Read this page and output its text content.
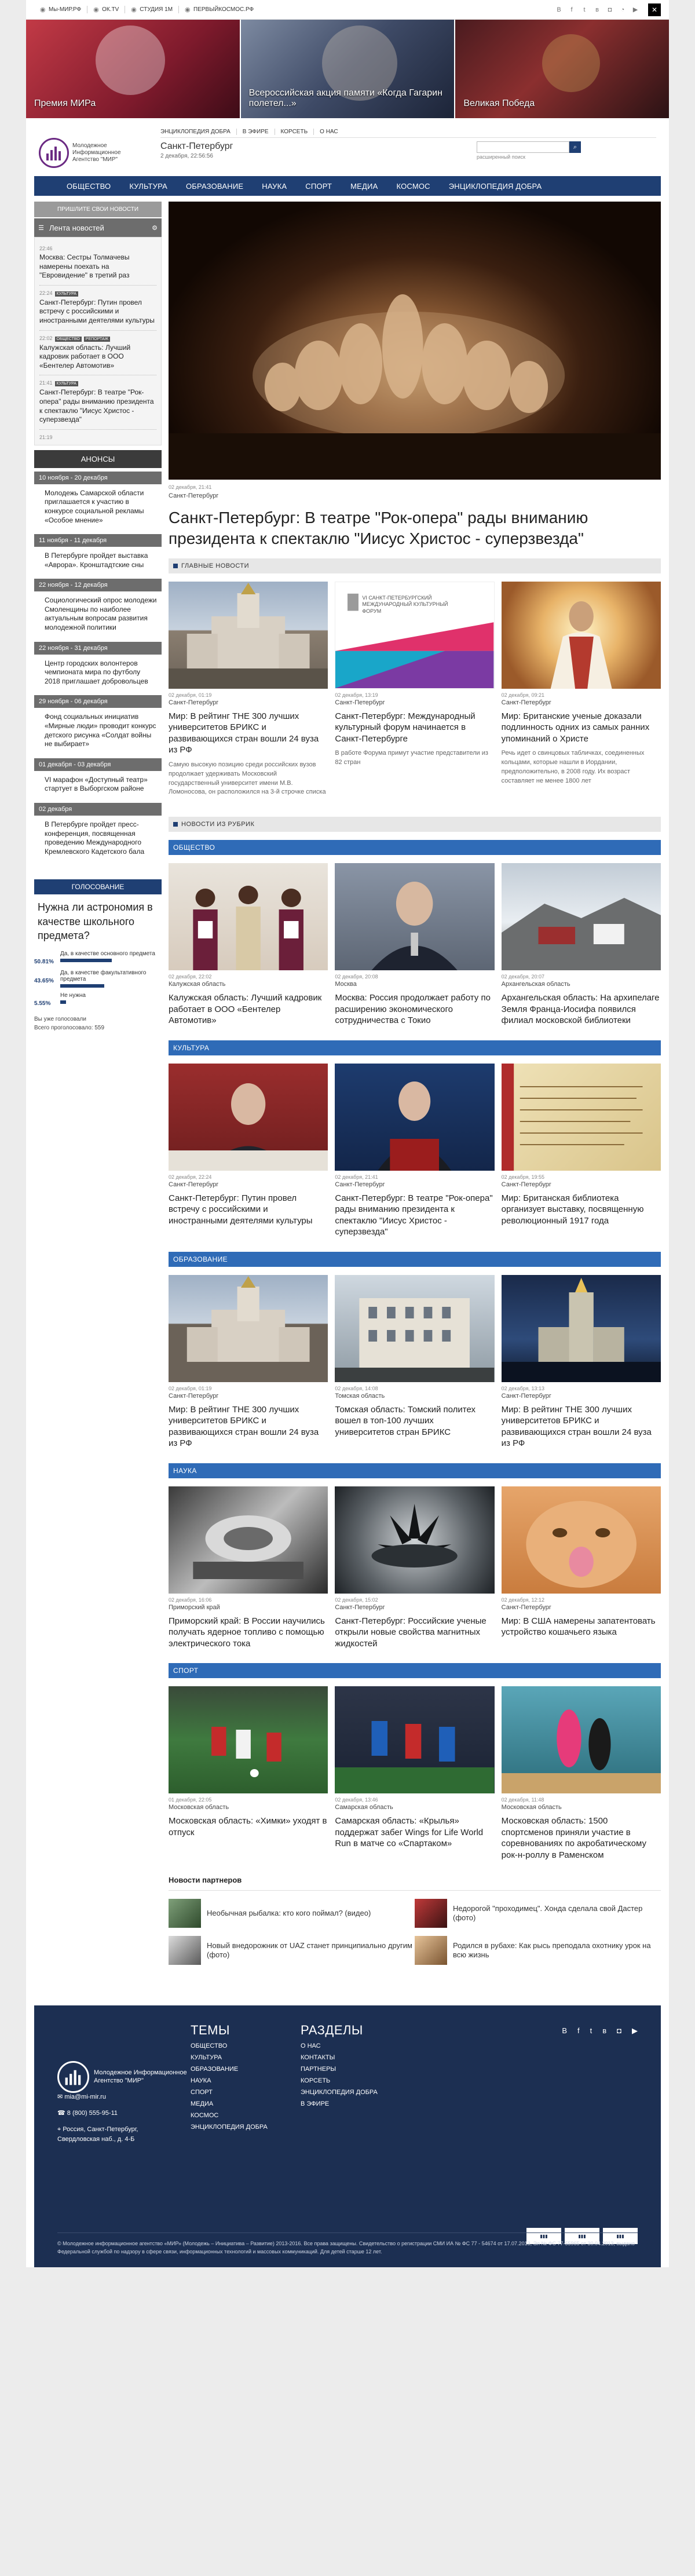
◉ Мы-МИР.РФ ◉ ОК.TV ◉ СТУДИЯ 1М ◉ ПЕРВЫЙКОСМОС.РФ	B	f	t	в ◘ ◔ ▶	✕
Премия МИРа
Всероссийская акция памяти «Когда Гагарин полетел...»	Великая Победа
Молодежное Информационное Агентство "МИР"
ЭНЦИКЛОПЕДИЯ ДОБРА	В ЭФИРЕ	КОРСЕТЬ	О НАС
Санкт-Петербург
2 декабря, 22:56:56
⌕
расширенный поиск
ОБЩЕСТВО	КУЛЬТУРА	ОБРАЗОВАНИЕ	НАУКА	СПОРТ	МЕДИА	КОСМОС	ЭНЦИКЛОПЕДИЯ ДОБРА
ПРИШЛИТЕ СВОИ НОВОСТИ
☰ Лента новостей	⚙
22:46
Москва: Сестры Толмачевы намерены поехать на "Евровидение" в третий раз
22:24 КУЛЬТУРА
Санкт-Петербург: Путин провел встречу с российскими и иностранными деятелями культуры
22:02 ОБЩЕСТВО РЕПОРТАЖ
Калужская область: Лучший кадровик работает в ООО «Бентелер Автомотив»
21:41 КУЛЬТУРА
Санкт-Петербург: В театре "Рок-опера" рады вниманию президента к спектаклю "Иисус Христос - суперзвезда"
21:19
АНОНСЫ
10 ноября - 20 декабря
Молодежь Самарской области приглашается к участию в конкурсе социальной рекламы «Особое мнение»
11 ноября - 11 декабря
В Петербурге пройдет выставка «Аврора». Кронштадтские сны
22 ноября - 12 декабря
Социологический опрос молодежи Смоленщины по наиболее актуальным вопросам развития молодежной политики
22 ноября - 31 декабря
Центр городских волонтеров чемпионата мира по футболу 2018 приглашает добровольцев
29 ноября - 06 декабря
Фонд социальных инициатив «Мирные люди» проводит конкурс детского рисунка «Солдат войны не выбирает»
01 декабря - 03 декабря
VI марафон «Доступный театр» стартует в Выборгском районе
02 декабря
В Петербурге пройдет пресс-конференция, посвященная проведению Международного Кремлевского Кадетского бала
ГОЛОСОВАНИЕ
Нужна ли астрономия в качестве школьного предмета?
50.81%
Да, в качестве основного предмета
43.65%
Да, в качестве факультативного предмета
5.55%
Не нужна
Вы уже голосовали
Всего проголосовало: 559
02 декабря, 21:41
Санкт-Петербург
Санкт-Петербург: В театре "Рок-опера" рады вниманию президента к спектаклю "Иисус Христос - суперзвезда"
ГЛАВНЫЕ НОВОСТИ
02 декабря, 01:19
Санкт-Петербург
Мир: В рейтинг THE 300 лучших университетов БРИКС и развивающихся стран вошли 24 вуза из РФ
Самую высокую позицию среди российских вузов продолжает удерживать Московский государственный университет имени М.В. Ломоносова, он расположился на 3-й строчке списка
VI САНКТ-ПЕТЕРБУРГСКИЙ МЕЖДУНАРОДНЫЙ КУЛЬТУРНЫЙ ФОРУМ
02 декабря, 13:19
Санкт-Петербург
Санкт-Петербург: Международный культурный форум начинается в Санкт-Петербурге
В работе Форума примут участие представители из 82 стран
02 декабря, 09:21
Санкт-Петербург
Мир: Британские ученые доказали подлинность одних из самых ранних упоминаний о Христе
Речь идет о свинцовых табличках, соединенных кольцами, которые нашли в Иордании, предположительно, в 2008 году. Их возраст составляет не менее 1800 лет
НОВОСТИ ИЗ РУБРИК
ОБЩЕСТВО
02 декабря, 22:02
Калужская область
Калужская область: Лучший кадровик работает в ООО «Бентелер Автомотив»
02 декабря, 20:08
Москва
Москва: Россия продолжает работу по расширению экономического сотрудничества с Токио
02 декабря, 20:07
Архангельская область
Архангельская область: На архипелаге Земля Франца-Иосифа появился филиал московской библиотеки
КУЛЬТУРА
02 декабря, 22:24
Санкт-Петербург
Санкт-Петербург: Путин провел встречу с российскими и иностранными деятелями культуры
02 декабря, 21:41
Санкт-Петербург
Санкт-Петербург: В театре "Рок-опера" рады вниманию президента к спектаклю "Иисус Христос - суперзвезда"
02 декабря, 19:55
Санкт-Петербург
Мир: Британская библиотека организует выставку, посвященную революционный 1917 года
ОБРАЗОВАНИЕ
02 декабря, 01:19
Санкт-Петербург
Мир: В рейтинг THE 300 лучших университетов БРИКС и развивающихся стран вошли 24 вуза из РФ
02 декабря, 14:08
Томская область
Томская область: Томский политех вошел в топ-100 лучших университетов стран БРИКС
02 декабря, 13:13
Санкт-Петербург
Мир: В рейтинг THE 300 лучших университетов БРИКС и развивающихся стран вошли 24 вуза из РФ
НАУКА
02 декабря, 16:06
Приморский край
Приморский край: В России научились получать ядерное топливо с помощью электрического тока
02 декабря, 15:02
Санкт-Петербург
Санкт-Петербург: Российские ученые открыли новые свойства магнитных жидкостей
02 декабря, 12:12
Санкт-Петербург
Мир: В США намерены запатентовать устройство кошачьего языка
СПОРТ
01 декабря, 22:05
Московская область
Московская область: «Химки» уходят в отпуск
02 декабря, 13:46
Самарская область
Самарская область: «Крылья» поддержат забег Wings for Life World Run в матче со «Спартаком»
02 декабря, 11:48
Московская область
Московская область: 1500 спортсменов приняли участие в соревнованиях по акробатическому рок-н-роллу в Раменском
Новости партнеров
Необычная рыбалка: кто кого поймал? (видео)
Недорогой "проходимец". Хонда сделала свой Дастер (фото)
Новый внедорожник от UAZ станет принципиально другим (фото)
Родился в рубахе: Как рысь преподала охотнику урок на всю жизнь
Молодежное Информационное Агентство "МИР"
ТЕМЫ
ОБЩЕСТВО
КУЛЬТУРА
ОБРАЗОВАНИЕ
НАУКА
СПОРТ
МЕДИА
КОСМОС
ЭНЦИКЛОПЕДИЯ ДОБРА
РАЗДЕЛЫ
О НАС
КОНТАКТЫ
ПАРТНЕРЫ
КОРСЕТЬ
ЭНЦИКЛОПЕДИЯ ДОБРА
В ЭФИРЕ
B f t в ◘ ▶
✉ mia@mi-mir.ru
☎ 8 (800) 555-95-11
⌖ Россия, Санкт-Петербург, Свердловская наб., д. 4-Б
▮▮▮	▮▮▮	▮▮▮
© Молодежное информационное агентство «МИР» (Молодежь – Инициатива – Развитие) 2013-2016. Все права защищены. Свидетельство о регистрации СМИ ИА № ФС 77 - 54674 от 17.07.2013, Эл № ФС 77-55965 от 30.04.2013, выдано Федеральной службой по надзору в сфере связи, информационных технологий и массовых коммуникаций. Для детей старше 12 лет.
